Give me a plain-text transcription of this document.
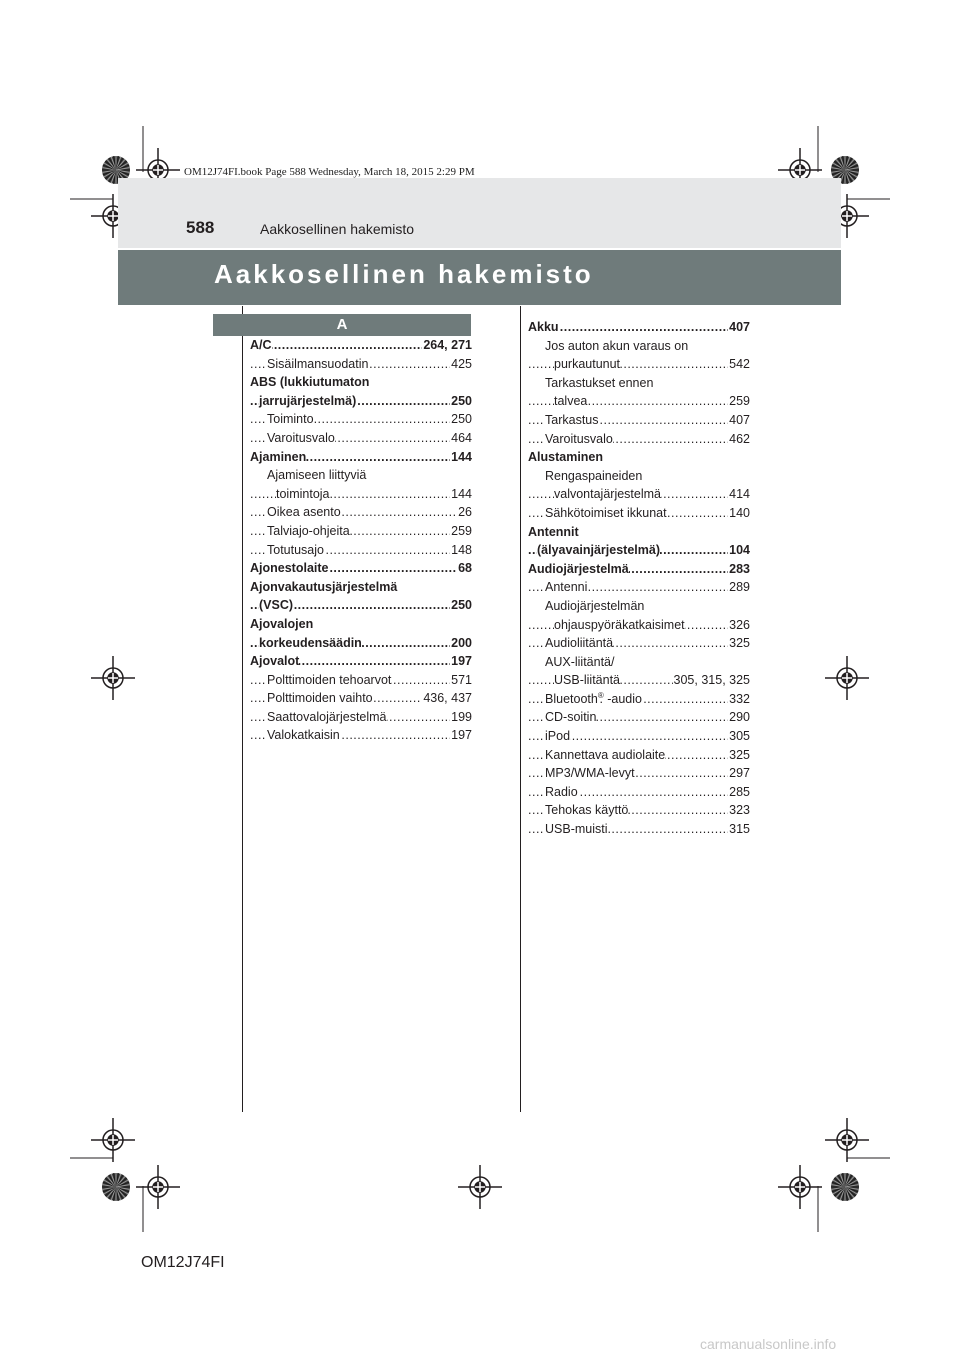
OM12J74FI.book Page 588 Wednesday, March 18, 2015 2:29 PM
588	Aakkosellinen hakemisto
Aakkosellinen hakemisto
A
A/C	264, 271
.....
Sisäilmansuodatin	425
.....
ABS (lukkiutumaton
jarrujärjestelmä)	250
.....
Toiminto	250
.....
Varoitusvalo	464
.....
Ajaminen	144
.....
Ajamiseen liittyviä
toimintoja	144
.....
Oikea asento	26
.....
Talviajo-ohjeita	259
.....
Totutusajo	148
.....
Ajonestolaite	68
.....
Ajonvakautusjärjestelmä
(VSC)	250
.....
Ajovalojen
korkeudensäädin	200
.....
Ajovalot	197
.....
Polttimoiden tehoarvot	571
.....
Polttimoiden vaihto	436, 437
.....
Saattovalojärjestelmä	199
.....
Valokatkaisin	197
.....
Akku	407
.....
Jos auton akun varaus on
purkautunut	542
.....
Tarkastukset ennen
talvea	259
.....
Tarkastus	407
.....
Varoitusvalo	462
.....
Alustaminen
Rengaspaineiden
valvontajärjestelmä	414
.....
Sähkötoimiset ikkunat	140
.....
Antennit
(älyavainjärjestelmä)	104
.....
Audiojärjestelmä	283
.....
Antenni	289
.....
Audiojärjestelmän
ohjauspyöräkatkaisimet	326
.....
Audioliitäntä	325
.....
AUX-liitäntä/
USB-liitäntä	305, 315, 325
.....
Bluetooth® -audio	332
.....
CD-soitin	290
.....
iPod	305
.....
Kannettava audiolaite	325
.....
MP3/WMA-levyt	297
.....
Radio	285
.....
Tehokas käyttö	323
.....
USB-muisti	315
.....
OM12J74FI
carmanualsonline.info
